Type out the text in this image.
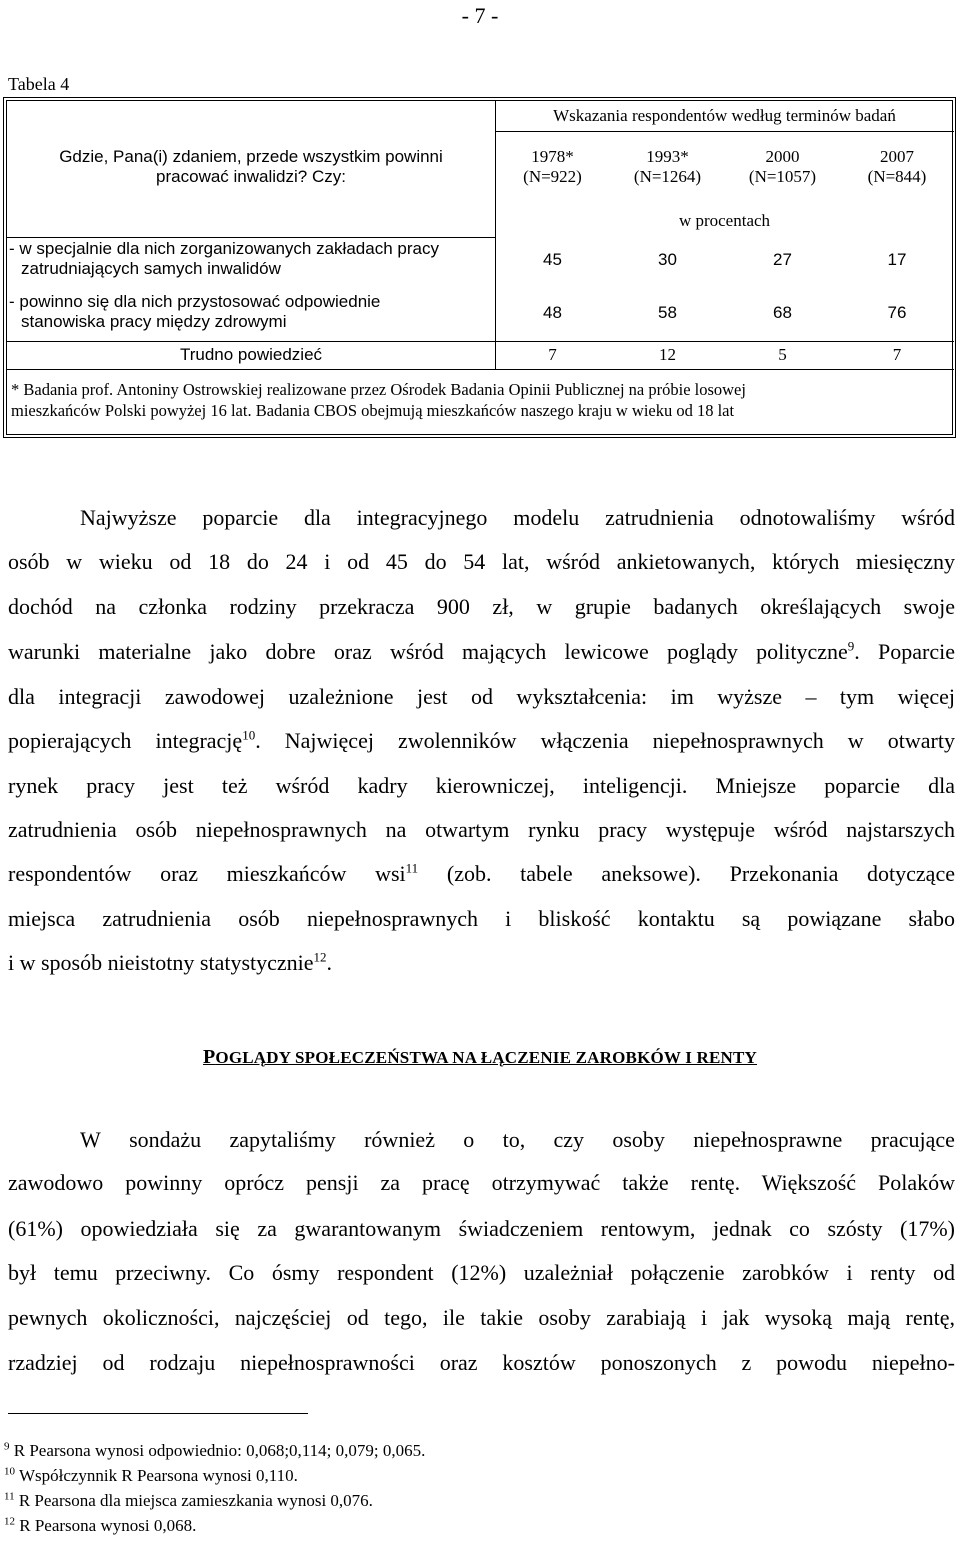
- 7 -
Tabela 4
Gdzie, Pana(i) zdaniem, przede wszystkim powinni
pracować inwalidzi? Czy:
Wskazania respondentów według terminów badań
1978*
(N=922)
1993*
(N=1264)
2000
(N=1057)
2007
(N=844)
w procentach
- w specjalnie dla nich zorganizowanych zakładach pracy
zatrudniających samych inwalidów	45	30	27	17
- powinno się dla nich przystosować odpowiednie
stanowiska pracy między zdrowymi	48	58	68	76
Trudno powiedzieć	7	12	5	7
* Badania prof. Antoniny Ostrowskiej realizowane przez Ośrodek Badania Opinii Publicznej na próbie losowej
mieszkańców Polski powyżej 16 lat. Badania CBOS obejmują mieszkańców naszego kraju w wieku od 18 lat
Najwyższe poparcie dla integracyjnego modelu zatrudnienia odnotowaliśmy wśród
osób w wieku od 18 do 24 i od 45 do 54 lat, wśród ankietowanych, których miesięczny
dochód na członka rodziny przekracza 900 zł, w grupie badanych określających swoje
warunki materialne jako dobre oraz wśród mających lewicowe poglądy polityczne$^9$. Poparcie
dla integracji zawodowej uzależnione jest od wykształcenia: im wyższe – tym więcej
popierających integrację$^{10}$. Najwięcej zwolenników włączenia niepełnosprawnych w otwarty
rynek pracy jest też wśród kadry kierowniczej, inteligencji. Mniejsze poparcie dla
zatrudnienia osób niepełnosprawnych na otwartym rynku pracy występuje wśród najstarszych
respondentów oraz mieszkańców wsi$^{11}$ (zob. tabele aneksowe). Przekonania dotyczące
miejsca zatrudnienia osób niepełnosprawnych i bliskość kontaktu są powiązane słabo
i w sposób nieistotny statystycznie$^{12}$.
POGLĄDY SPOŁECZEŃSTWA NA ŁĄCZENIE ZAROBKÓW I RENTY
W sondażu zapytaliśmy również o to, czy osoby niepełnosprawne pracujące
zawodowo powinny oprócz pensji za pracę otrzymywać także rentę. Większość Polaków
(61%) opowiedziała się za gwarantowanym świadczeniem rentowym, jednak co szósty (17%)
był temu przeciwny. Co ósmy respondent (12%) uzależniał połączenie zarobków i renty od
pewnych okoliczności, najczęściej od tego, ile takie osoby zarabiają i jak wysoką mają rentę,
rzadziej od rodzaju niepełnosprawności oraz kosztów ponoszonych z powodu niepełno-
$^9$ R Pearsona wynosi odpowiednio: 0,068;0,114; 0,079; 0,065.
$^{10}$ Współczynnik R Pearsona wynosi 0,110.
$^{11}$ R Pearsona dla miejsca zamieszkania wynosi 0,076.
$^{12}$ R Pearsona wynosi 0,068.
